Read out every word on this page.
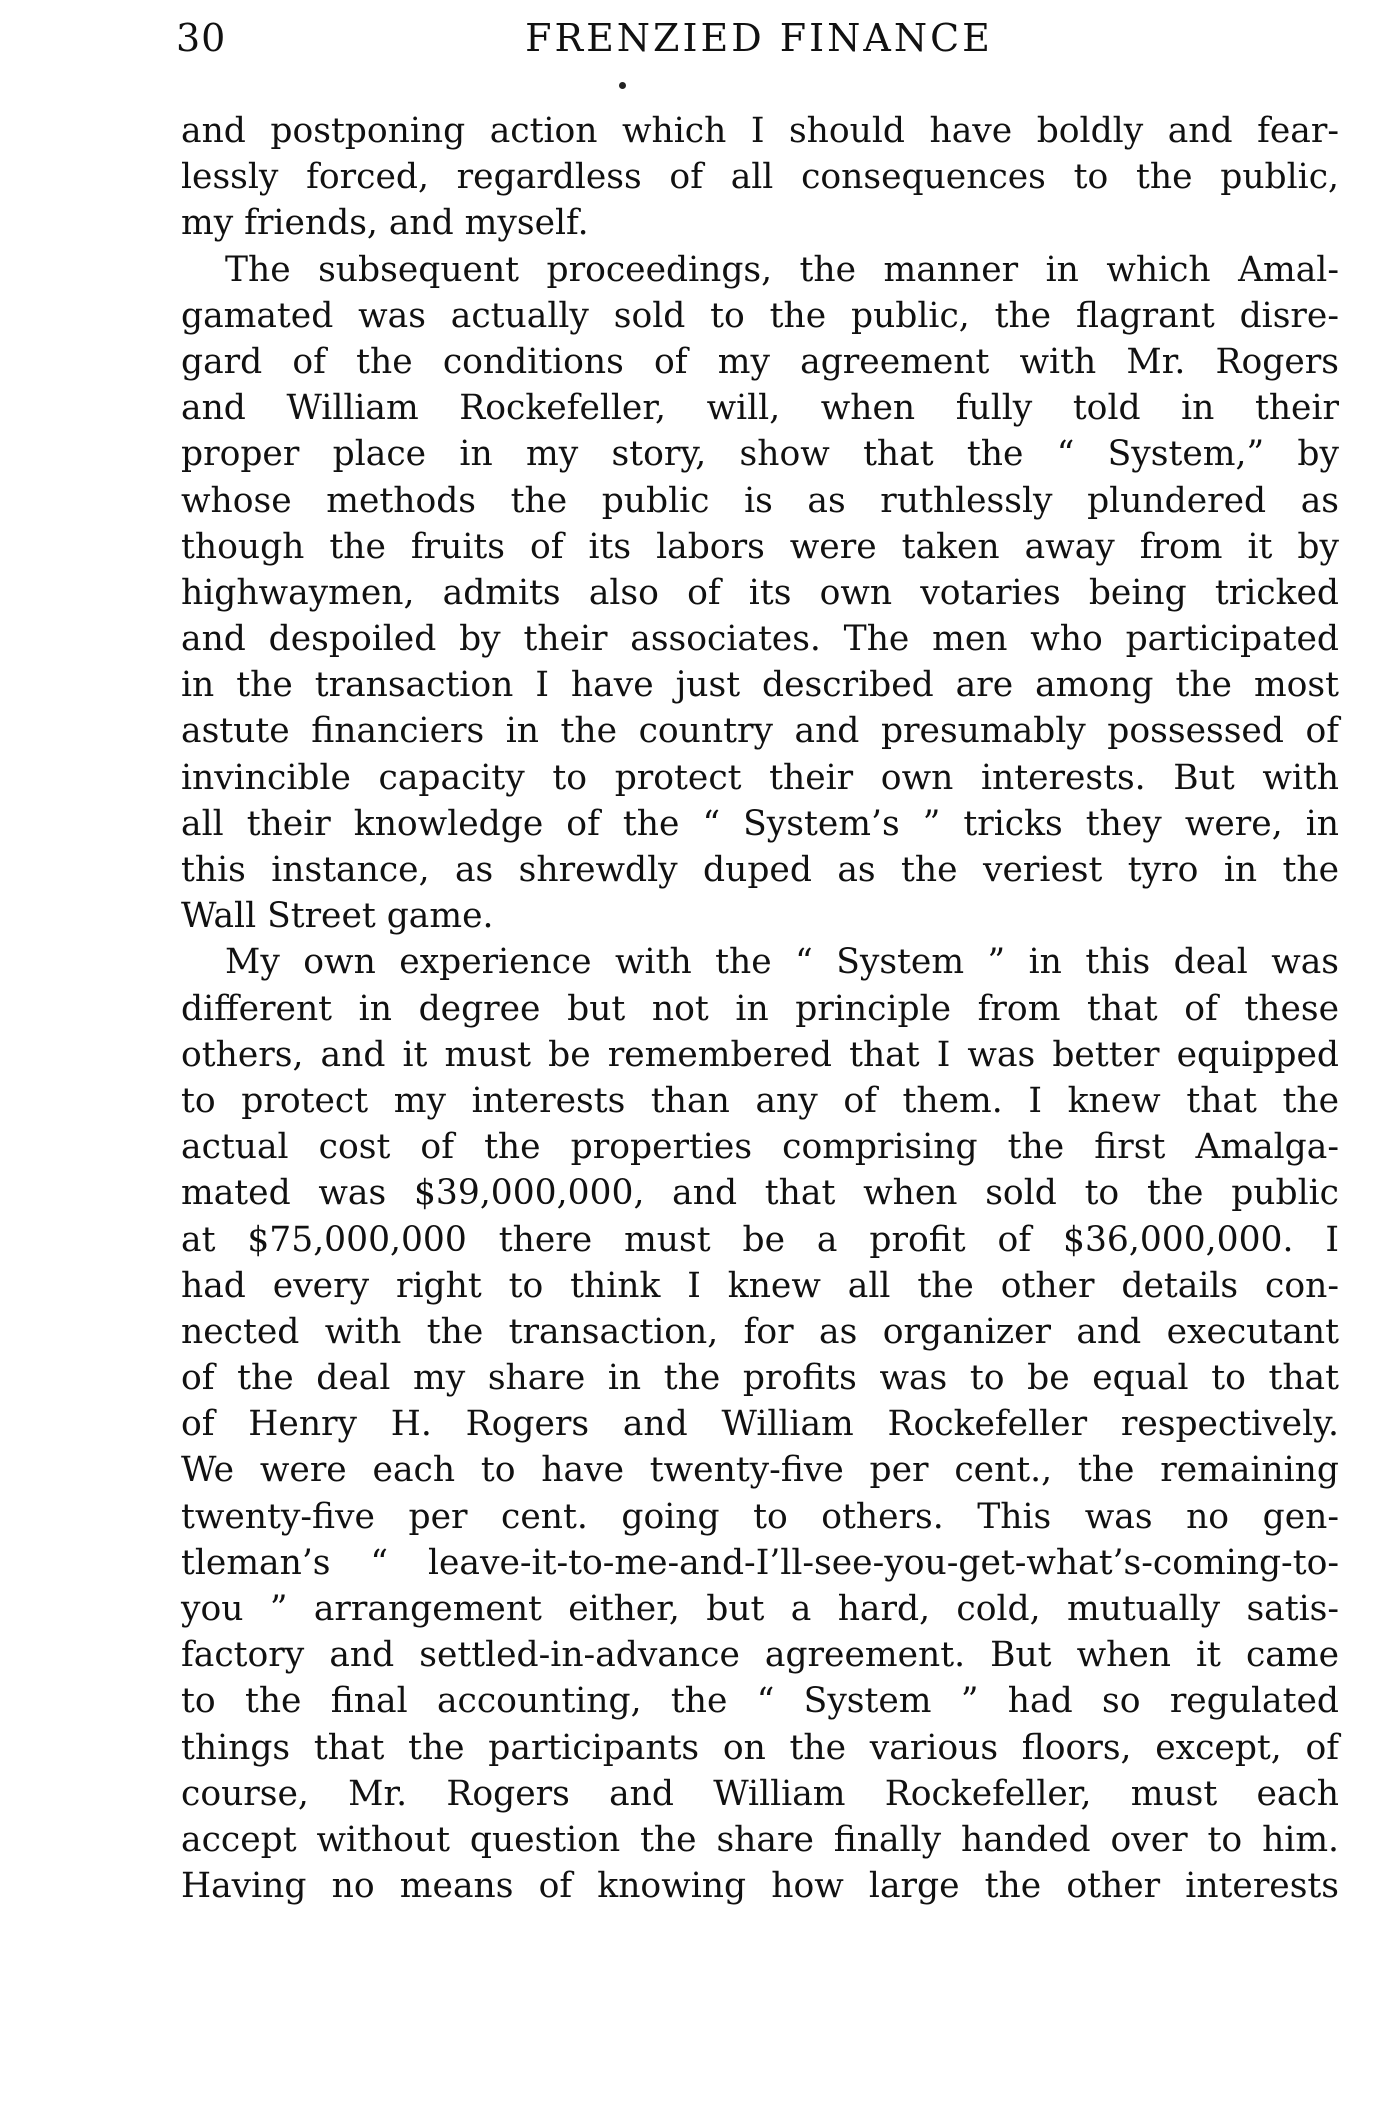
30	FRENZIED FINANCE
and postponing action which I should have boldly and fear-
lessly forced, regardless of all consequences to the public,
my friends, and myself.
The subsequent proceedings, the manner in which Amal-
gamated was actually sold to the public, the flagrant disre-
gard of the conditions of my agreement with Mr. Rogers
and William Rockefeller, will, when fully told in their
proper place in my story, show that the “ System,” by
whose methods the public is as ruthlessly plundered as
though the fruits of its labors were taken away from it by
highwaymen, admits also of its own votaries being tricked
and despoiled by their associates. The men who participated
in the transaction I have just described are among the most
astute financiers in the country and presumably possessed of
invincible capacity to protect their own interests. But with
all their knowledge of the “ System’s ” tricks they were, in
this instance, as shrewdly duped as the veriest tyro in the
Wall Street game.
My own experience with the “ System ” in this deal was
different in degree but not in principle from that of these
others, and it must be remembered that I was better equipped
to protect my interests than any of them. I knew that the
actual cost of the properties comprising the first Amalga-
mated was $39,000,000, and that when sold to the public
at $75,000,000 there must be a profit of $36,000,000. I
had every right to think I knew all the other details con-
nected with the transaction, for as organizer and executant
of the deal my share in the profits was to be equal to that
of Henry H. Rogers and William Rockefeller respectively.
We were each to have twenty-five per cent., the remaining
twenty-five per cent. going to others. This was no gen-
tleman’s “ leave-it-to-me-and-I’ll-see-you-get-what’s-coming-to-
you ” arrangement either, but a hard, cold, mutually satis-
factory and settled-in-advance agreement. But when it came
to the final accounting, the “ System ” had so regulated
things that the participants on the various floors, except, of
course, Mr. Rogers and William Rockefeller, must each
accept without question the share finally handed over to him.
Having no means of knowing how large the other interests
